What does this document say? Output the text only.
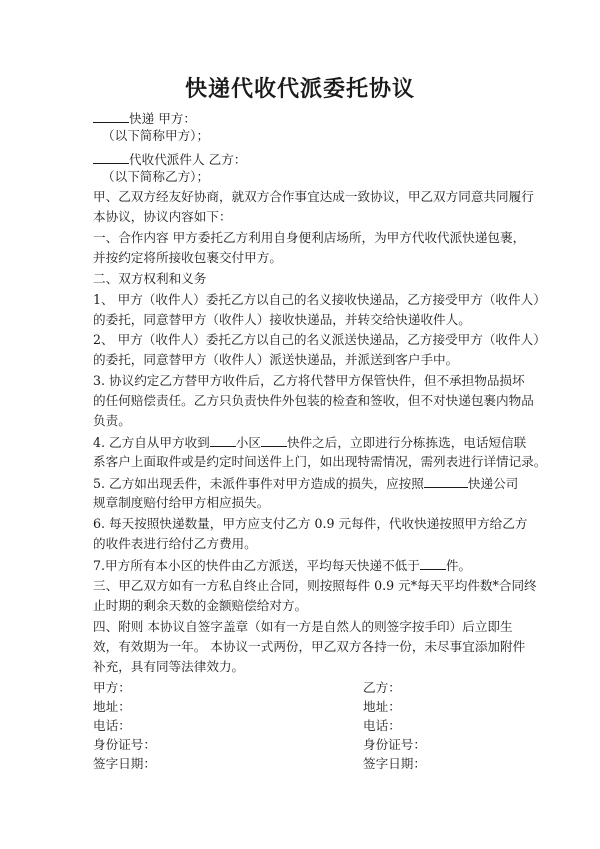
快递代收代派委托协议
快递 甲方：
（以下简称甲方）；
代收代派件人 乙方：
（以下简称乙方）；
甲、乙双方经友好协商，就双方合作事宜达成一致协议，甲乙双方同意共同履行
本协议，协议内容如下：
一、合作内容 甲方委托乙方利用自身便利店场所，为甲方代收代派快递包裹，
并按约定将所接收包裹交付甲方。
二、双方权利和义务
1、 甲方（收件人）委托乙方以自己的名义接收快递品，乙方接受甲方（收件人）
的委托，同意替甲方（收件人）接收快递品，并转交给快递收件人。
2、 甲方（收件人）委托乙方以自己的名义派送快递品，乙方接受甲方（收件人）
的委托，同意替甲方（收件人）派送快递品，并派送到客户手中。
3. 协议约定乙方替甲方收件后，乙方将代替甲方保管快件，但不承担物品损坏
的任何赔偿责任。乙方只负责快件外包装的检查和签收，但不对快递包裹内物品
负责。
4. 乙方自从甲方收到 小区 快件之后，立即进行分栋拣选，电话短信联
系客户上面取件或是约定时间送件上门，如出现特需情况，需列表进行详情记录。
5. 乙方如出现丢件，未派件事件对甲方造成的损失，应按照	快递公司
规章制度赔付给甲方相应损失。
6. 每天按照快递数量，甲方应支付乙方 0.9 元每件，代收快递按照甲方给乙方
的收件表进行给付乙方费用。
7.甲方所有本小区的快件由乙方派送，平均每天快递不低于 件。
三、甲乙双方如有一方私自终止合同，则按照每件 0.9 元*每天平均件数*合同终
止时期的剩余天数的金额赔偿给对方。
四、附则 本协议自签字盖章（如有一方是自然人的则签字按手印）后立即生
效，有效期为一年。 本协议一式两份，甲乙双方各持一份，未尽事宜添加附件
补充，具有同等法律效力。
甲方：
地址：
电话：
身份证号：
签字日期：
乙方：
地址：
电话：
身份证号：
签字日期：
